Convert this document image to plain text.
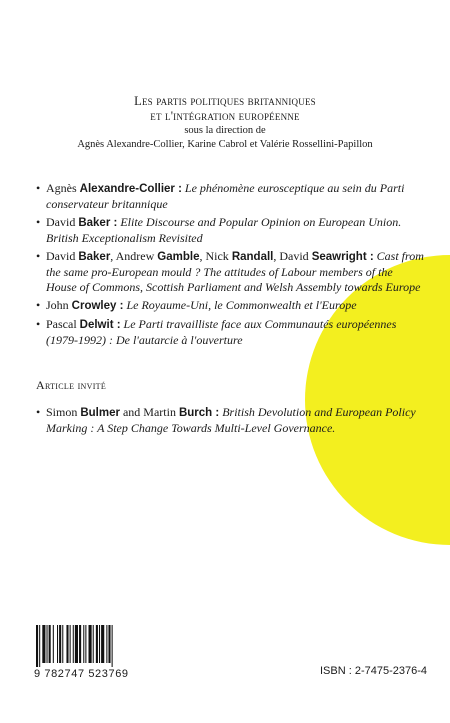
Les partis politiques britanniques
et l'intégration européenne
sous la direction de
Agnès Alexandre-Collier, Karine Cabrol et Valérie Rossellini-Papillon
• Agnès Alexandre-Collier : Le phénomène eurosceptique au sein du Parti conservateur britannique
• David Baker : Elite Discourse and Popular Opinion on European Union. British Exceptionalism Revisited
• David Baker, Andrew Gamble, Nick Randall, David Seawright : Cast from the same pro-European mould ? The attitudes of Labour members of the House of Commons, Scottish Parliament and Welsh Assembly towards Europe
• John Crowley : Le Royaume-Uni, le Commonwealth et l'Europe
• Pascal Delwit : Le Parti travailliste face aux Communautés européennes (1979-1992) : De l'autarcie à l'ouverture
Article invité
• Simon Bulmer and Martin Burch : British Devolution and European Policy Marking : A Step Change Towards Multi-Level Governance.
9 782747 523769	ISBN : 2-7475-2376-4
